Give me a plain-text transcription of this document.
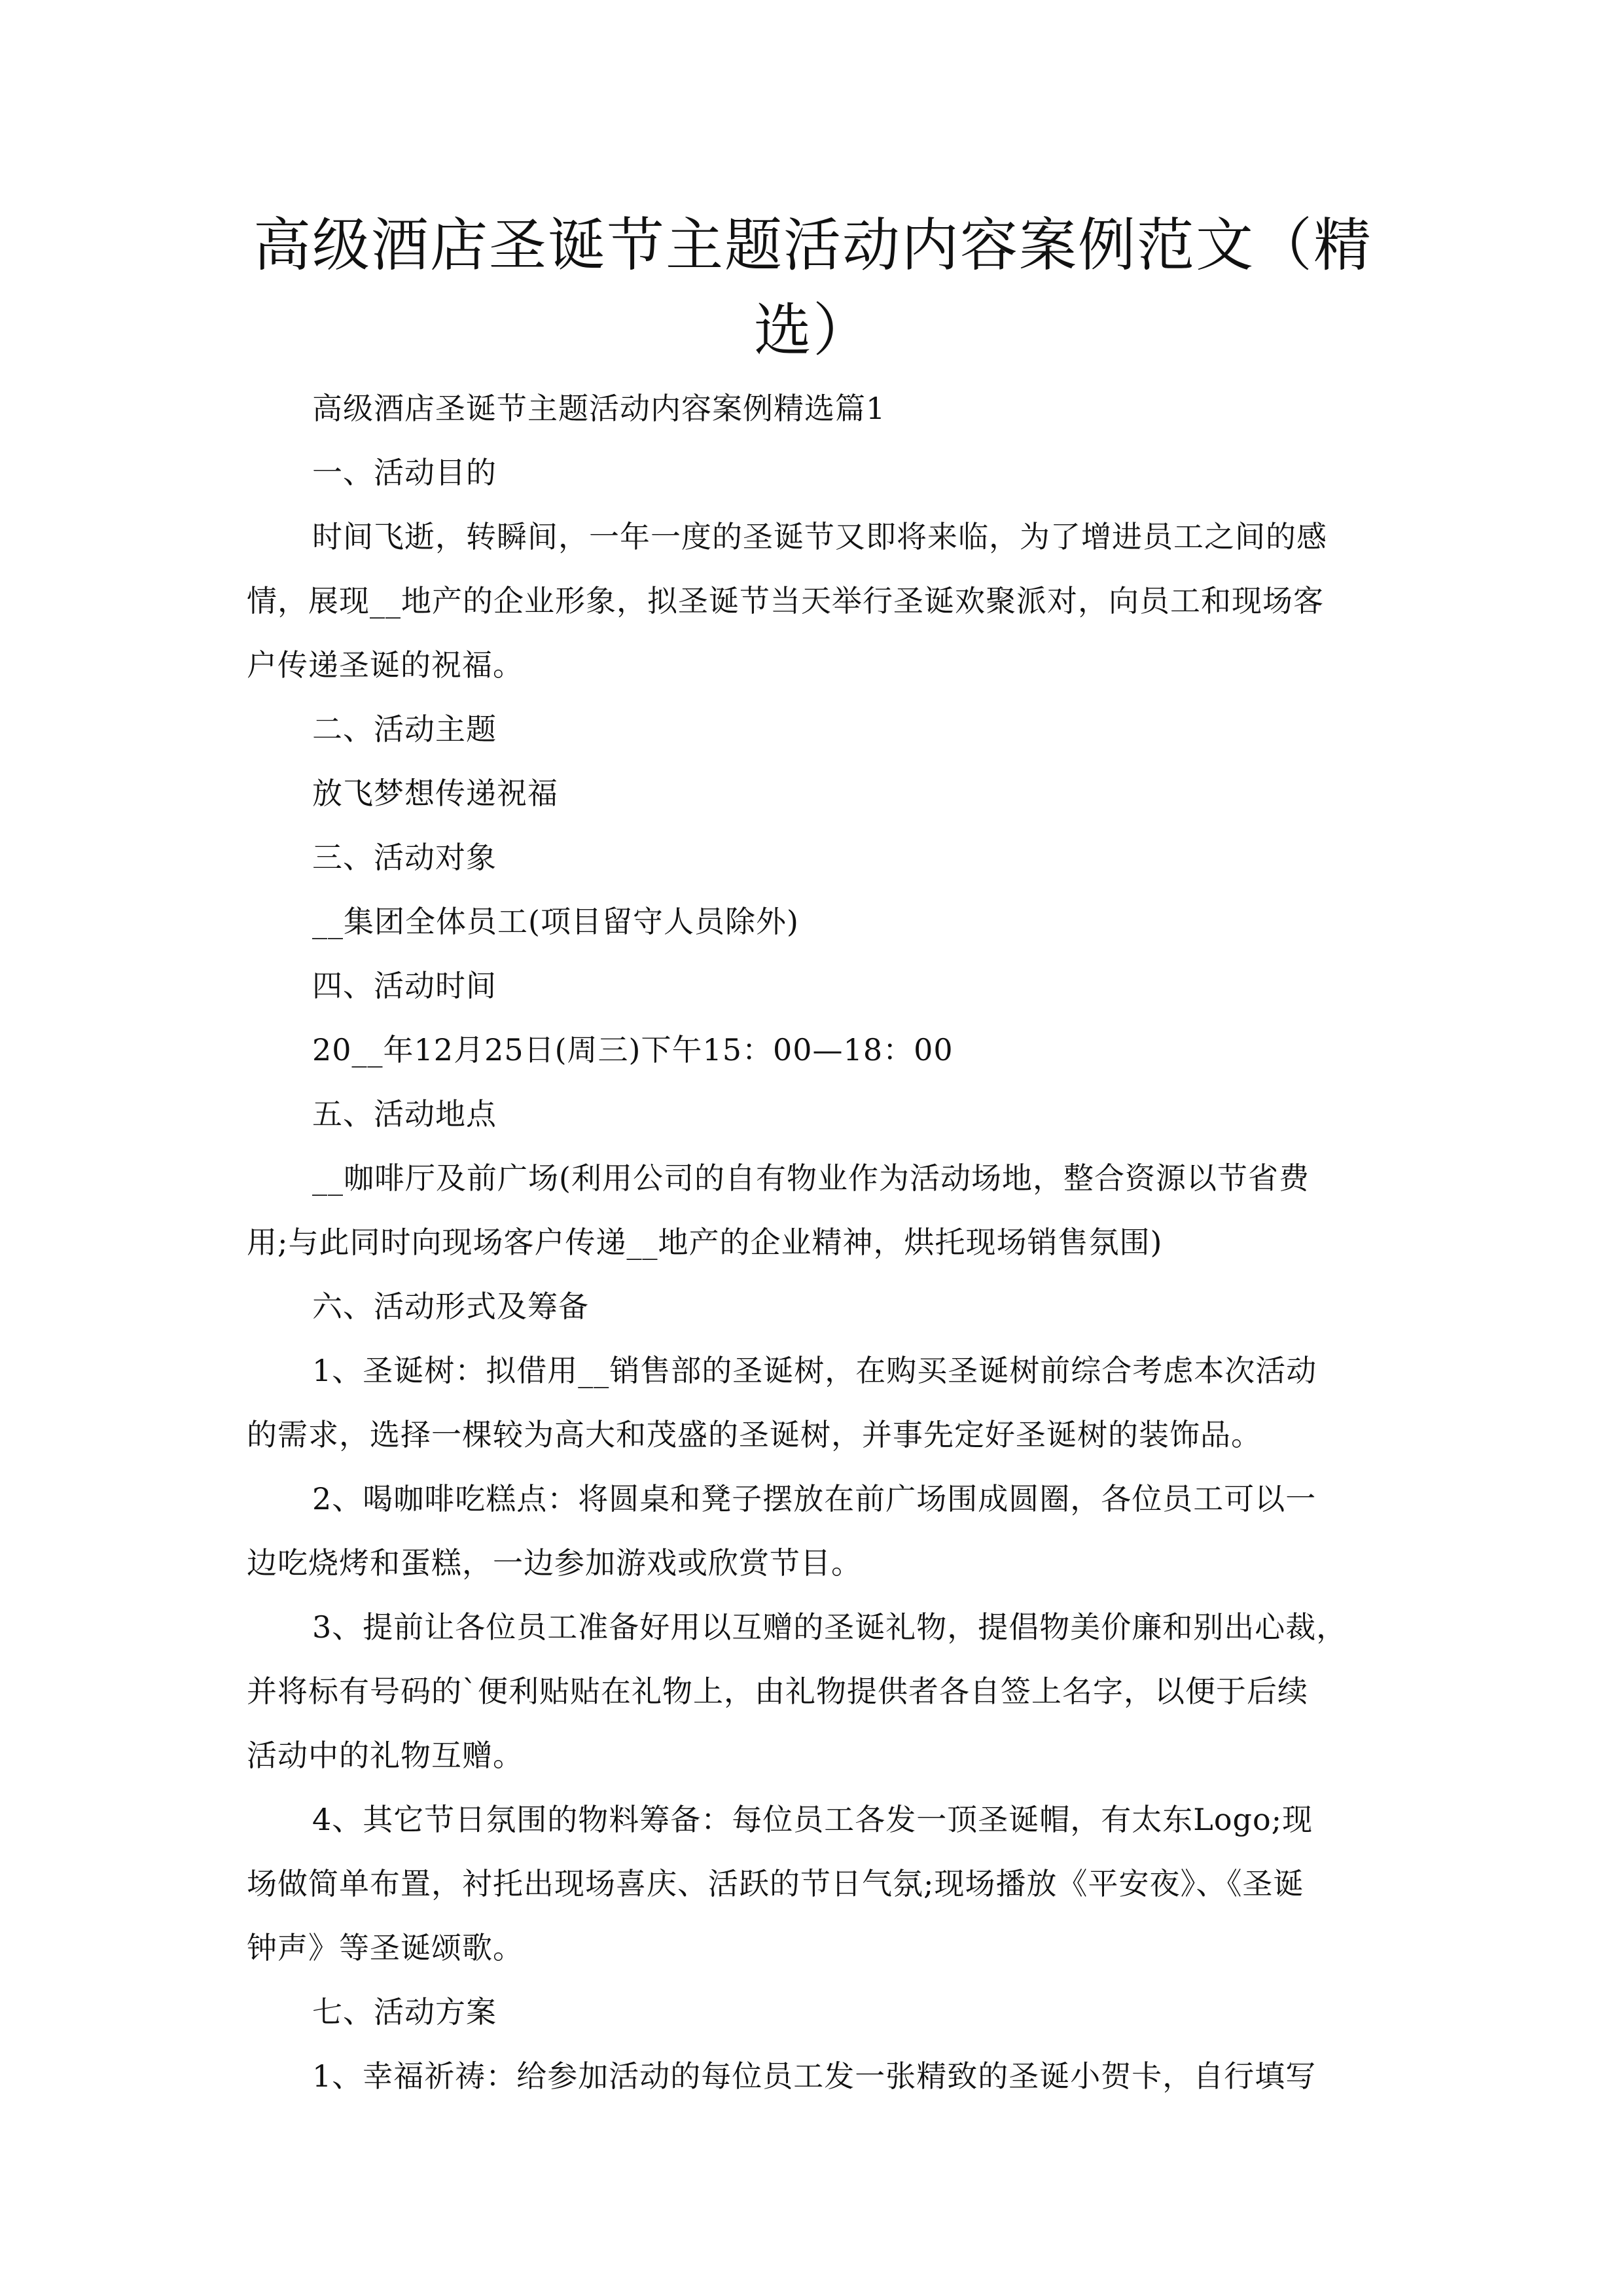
高级酒店圣诞节主题活动内容案例范文（精
选）
高级酒店圣诞节主题活动内容案例精选篇1
一、活动目的
时间飞逝，转瞬间，一年一度的圣诞节又即将来临，为了增进员工之间的感
情，展现__地产的企业形象，拟圣诞节当天举行圣诞欢聚派对，向员工和现场客
户传递圣诞的祝福。
二、活动主题
放飞梦想传递祝福
三、活动对象
__集团全体员工(项目留守人员除外)
四、活动时间
20__年12月25日(周三)下午15：00—18：00
五、活动地点
__咖啡厅及前广场(利用公司的自有物业作为活动场地，整合资源以节省费
用;与此同时向现场客户传递__地产的企业精神，烘托现场销售氛围)
六、活动形式及筹备
1、圣诞树：拟借用__销售部的圣诞树，在购买圣诞树前综合考虑本次活动
的需求，选择一棵较为高大和茂盛的圣诞树，并事先定好圣诞树的装饰品。
2、喝咖啡吃糕点：将圆桌和凳子摆放在前广场围成圆圈，各位员工可以一
边吃烧烤和蛋糕，一边参加游戏或欣赏节目。
3、提前让各位员工准备好用以互赠的圣诞礼物，提倡物美价廉和别出心裁，
并将标有号码的`便利贴贴在礼物上，由礼物提供者各自签上名字，以便于后续
活动中的礼物互赠。
4、其它节日氛围的物料筹备：每位员工各发一顶圣诞帽，有太东Logo;现
场做简单布置，衬托出现场喜庆、活跃的节日气氛;现场播放《平安夜》、《圣诞
钟声》等圣诞颂歌。
七、活动方案
1、幸福祈祷：给参加活动的每位员工发一张精致的圣诞小贺卡，自行填写
